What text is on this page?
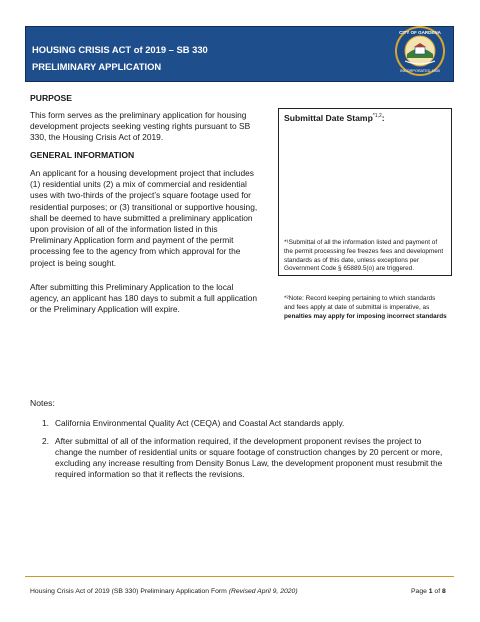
HOUSING CRISIS ACT of 2019 – SB 330
PRELIMINARY APPLICATION
CITY OF GARDENA
INCORPORATED 1930
PURPOSE

This form serves as the preliminary application for housing development projects seeking vesting rights pursuant to SB 330, the Housing Crisis Act of 2019.

GENERAL INFORMATION

An applicant for a housing development project that includes (1) residential units (2) a mix of commercial and residential uses with two-thirds of the project’s square footage used for residential purposes; or (3) transitional or supportive housing, shall be deemed to have submitted a preliminary application upon provision of all of the information listed in this Preliminary Application form and payment of the permit processing fee to the agency from which approval for the project is being sought.

After submitting this Preliminary Application to the local agency, an applicant has 180 days to submit a full application or the Preliminary Application will expire.

Submittal Date Stamp$^{*1,2}$:

*¹Submittal of all the information listed and payment of the permit processing fee freezes fees and development standards as of this date, unless exceptions per Government Code § 65889.5(o) are triggered.

*²Note: Record keeping pertaining to which standards and fees apply at date of submittal is imperative, as penalties may apply for imposing incorrect standards

Notes:
1. California Environmental Quality Act (CEQA) and Coastal Act standards apply.
2. After submittal of all of the information required, if the development proponent revises the project to change the number of residential units or square footage of construction changes by 20 percent or more, excluding any increase resulting from Density Bonus Law, the development proponent must resubmit the required information so that it reflects the revisions.
Housing Crisis Act of 2019 (SB 330) Preliminary Application Form (Revised April 9, 2020)	Page 1 of 8
